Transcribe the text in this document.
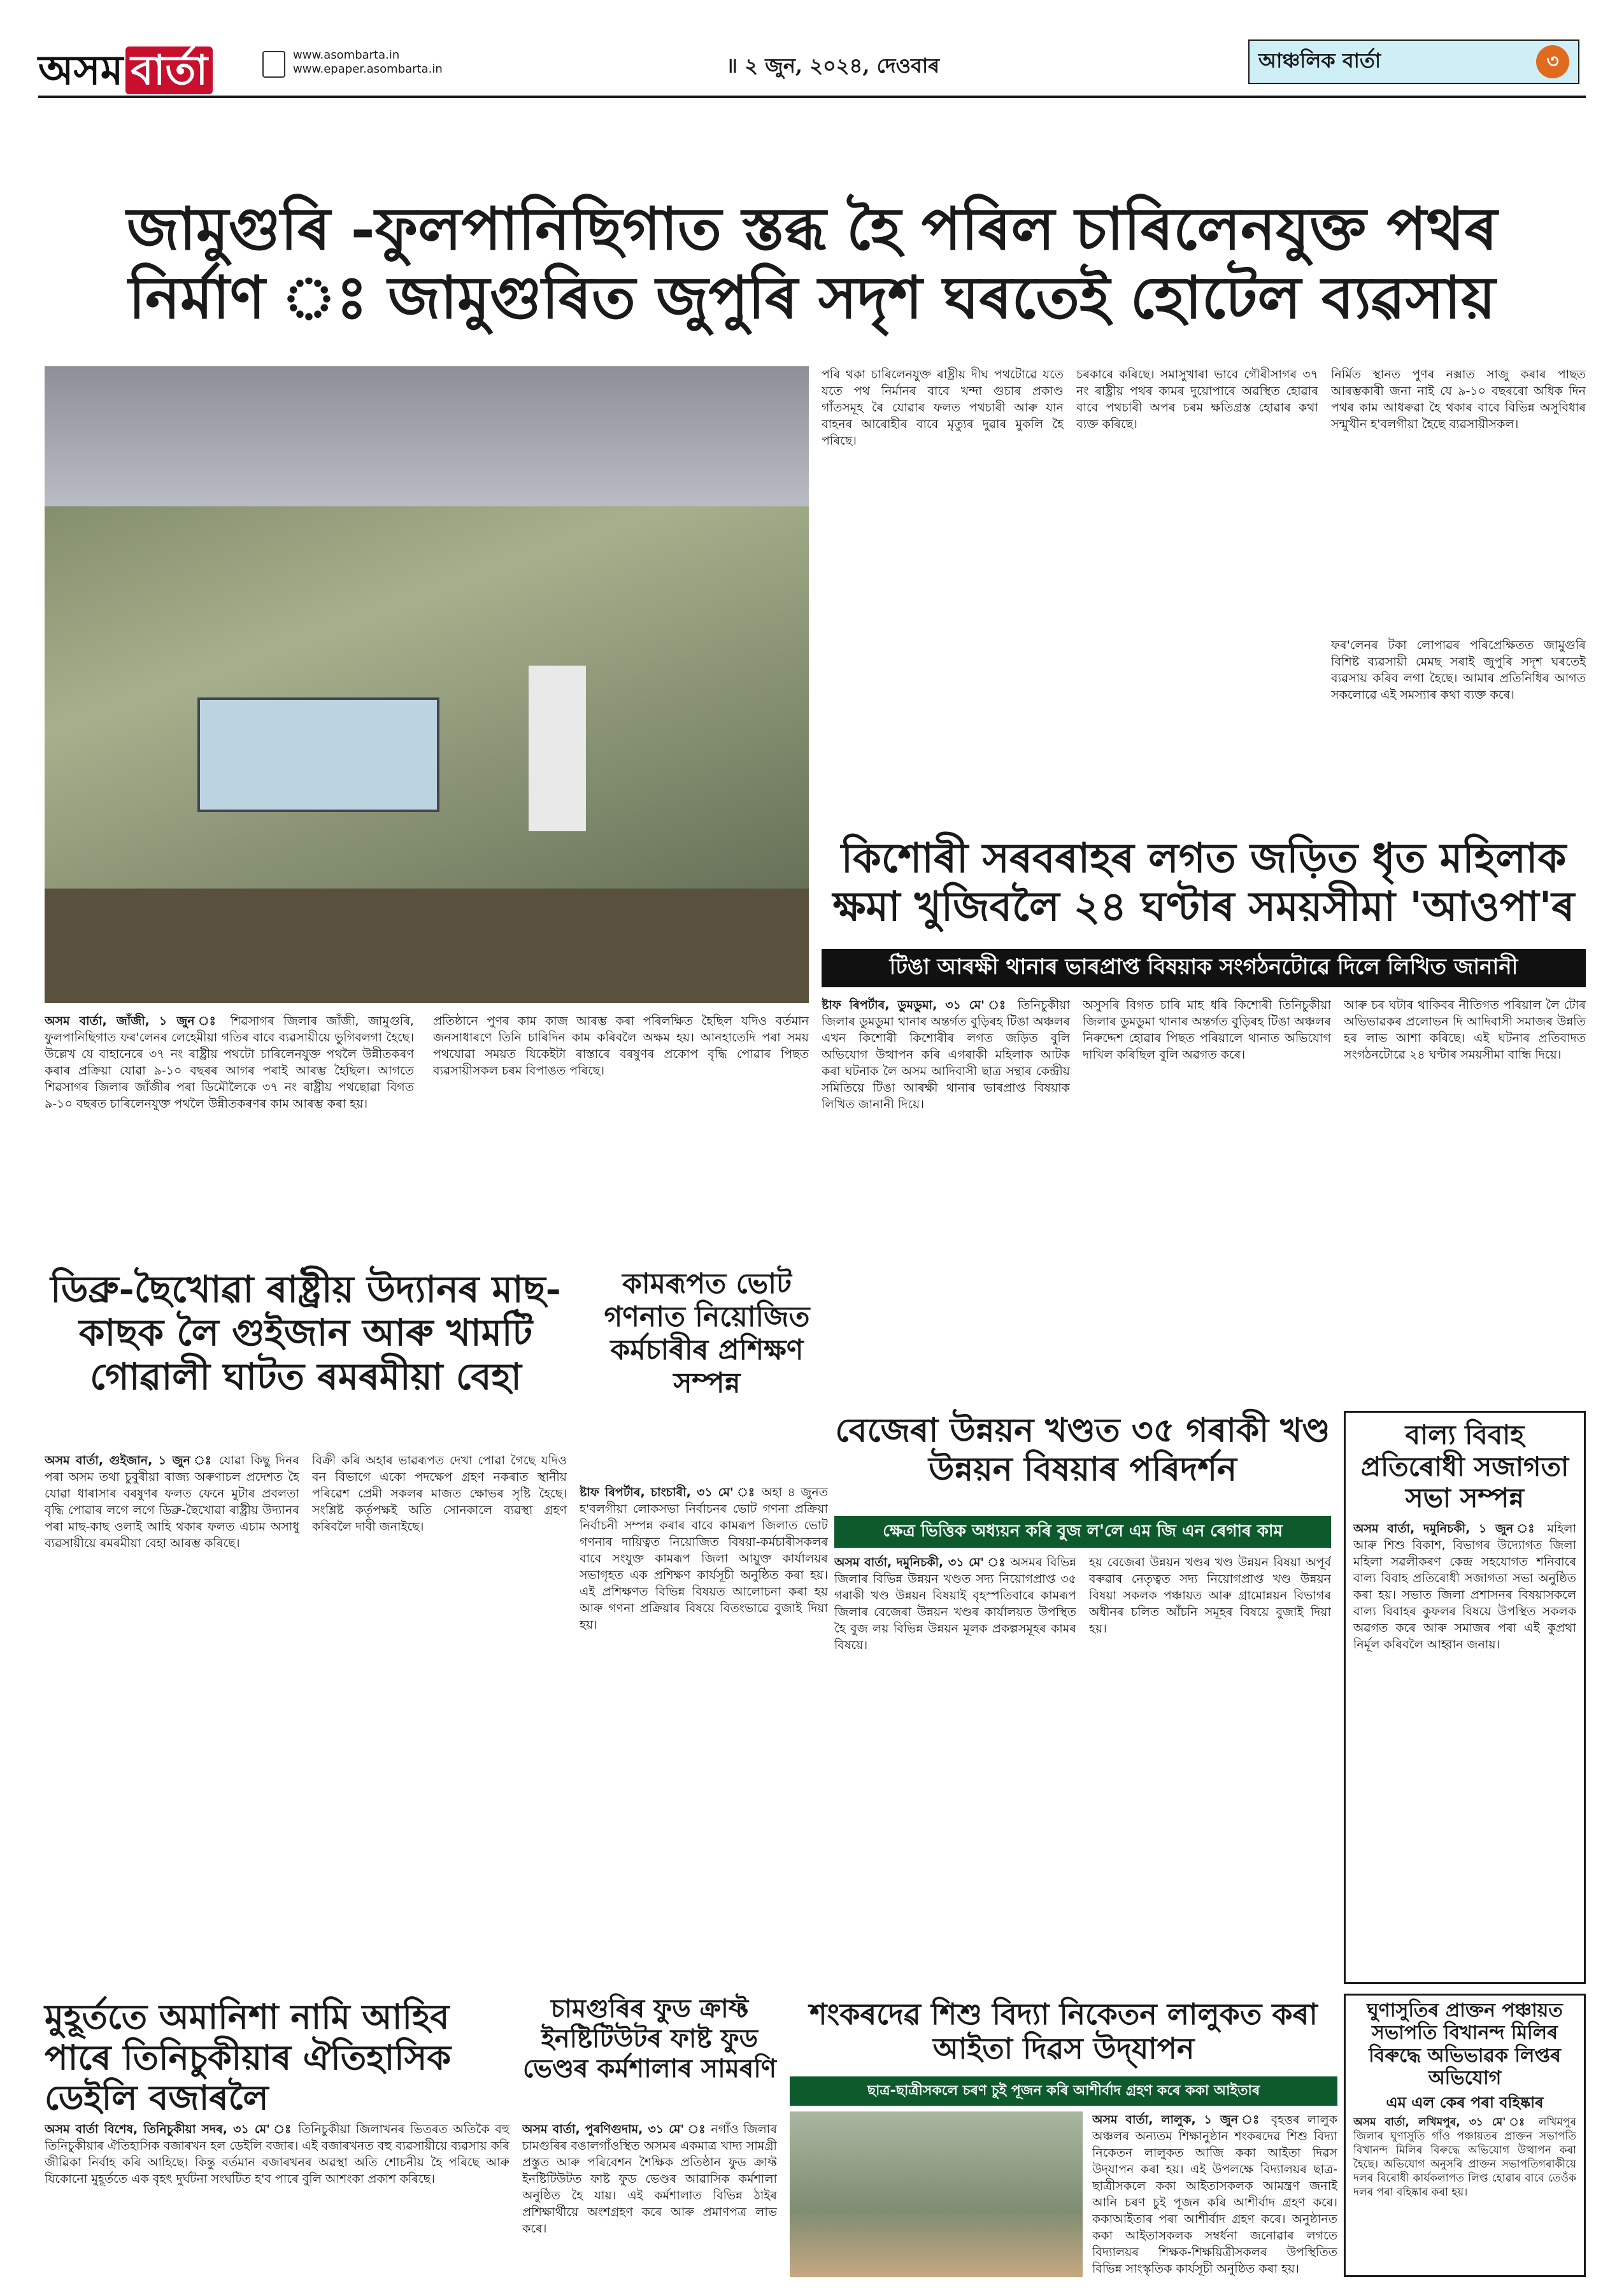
অসম বাৰ্তা	www.asombarta.in
www.epaper.asombarta.in	॥ ২ জুন, ২০২৪, দেওবাৰ	আঞ্চলিক বাৰ্তা	৩
জামুগুৰি -ফুলপানিছিগাত স্তব্ধ হৈ পৰিল চাৰিলেনযুক্ত পথৰ নিৰ্মাণ ঃ জামুগুৰিত জুপুৰি সদৃশ ঘৰতেই হোটেল ব্যৱসায়
পৰি থকা চাৰিলেনযুক্ত ৰাষ্ট্ৰীয় দীঘ পথটোৱে যতে যতে পথ নিৰ্মানৰ বাবে খন্দা গুচাৰ প্ৰকাণ্ড গাঁতসমূহ ৰৈ যোৱাৰ ফলত পথচাৰী আৰু যান বাহনৰ আৰোহীৰ বাবে মৃত্যুৰ দুৱাৰ মুকলি হৈ পৰিছে।
চৰকাৰে কৰিছে। সমাসুখাৰা ভাবে গৌৰীসাগৰ ৩৭ নং ৰাষ্ট্ৰীয় পথৰ কামৰ দুয়োপাৰে অৱস্থিত হোৱাৰ বাবে পথচাৰী অপৰ চৰম ক্ষতিগ্ৰস্ত হোৱাৰ কথা ব্যক্ত কৰিছে।
নিৰ্মিত স্থানত পুণৰ নক্সাত সাজু কৰাৰ পাছত আৰম্ভকাৰী জনা নাই যে ৯-১০ বছৰৰো অধিক দিন পথৰ কাম আধৰুৱা হৈ থকাৰ বাবে বিভিন্ন অসুবিধাৰ সন্মুখীন হ'বলগীয়া হৈছে ব্যৱসায়ীসকল।
ফৰ'লেনৰ টকা লোপাৱৰ পৰিপ্ৰেক্ষিতত জামুগুৰি বিশিষ্ট ব্যৱসায়ী মেমছ সৰাই জুপুৰি সদৃশ ঘৰতেই ব্যৱসায় কৰিব লগা হৈছে। আমাৰ প্ৰতিনিধিৰ আগত সকলোৱে এই সমস্যাৰ কথা ব্যক্ত কৰে।
অসম বাৰ্তা, জাঁজী, ১ জুন ঃ শিৱসাগৰ জিলাৰ জাঁজী, জামুগুৰি, ফুলপানিছিগাত ফৰ'লেনৰ লেহেমীয়া গতিৰ বাবে ব্যৱসায়ীয়ে ভুগিবলগা হৈছে। উল্লেখ যে বাহানেৰে ৩৭ নং ৰাষ্ট্ৰীয় পথটো চাৰিলেনযুক্ত পথলৈ উন্নীতকৰণ কৰাৰ প্ৰক্ৰিয়া যোৱা ৯-১০ বছৰৰ আগৰ পৰাই আৰম্ভ হৈছিল। আগতে শিৱসাগৰ জিলাৰ জাঁজীৰ পৰা ডিমৌলৈকে ৩৭ নং ৰাষ্ট্ৰীয় পথছোৱা বিগত ৯-১০ বছৰত চাৰিলেনযুক্ত পথলৈ উন্নীতকৰণৰ কাম আৰম্ভ কৰা হয়।
প্ৰতিষ্ঠানে পুণৰ কাম কাজ আৰম্ভ কৰা পৰিলক্ষিত হৈছিল যদিও বৰ্তমান জনসাধাৰণে তিনি চাৰিদিন কাম কৰিবলৈ অক্ষম হয়। আনহাতেদি পৰা সময় পথযোৱা সময়ত যিকেইটা ৰাস্তাৰে বৰষুণৰ প্ৰকোপ বৃদ্ধি পোৱাৰ পিছত ব্যৱসায়ীসকল চৰম বিপাঙত পৰিছে।
কিশোৰী সৰবৰাহৰ লগত জড়িত ধৃত মহিলাক ক্ষমা খুজিবলৈ ২৪ ঘণ্টাৰ সময়সীমা 'আওপা'ৰ
টিঙা আৰক্ষী থানাৰ ভাৰপ্ৰাপ্ত বিষয়াক সংগঠনটোৱে দিলে লিখিত জানানী
ষ্টাফ ৰিপৰ্টাৰ, ডুমডুমা, ৩১ মে' ঃ তিনিচুকীয়া জিলাৰ ডুমডুমা থানাৰ অন্তৰ্গত বুড়িৰহ টিঙা অঞ্চলৰ এখন কিশোৰী কিশোৰীৰ লগত জড়িত বুলি অভিযোগ উত্থাপন কৰি এগৰাকী মহিলাক আটক কৰা ঘটনাক লৈ অসম আদিবাসী ছাত্ৰ সন্থাৰ কেন্দ্ৰীয় সমিতিয়ে টিঙা আৰক্ষী থানাৰ ভাৰপ্ৰাপ্ত বিষয়াক লিখিত জানানী দিয়ে।
অসুসৰি বিগত চাৰি মাহ ধৰি কিশোৰী তিনিচুকীয়া জিলাৰ ডুমডুমা থানাৰ অন্তৰ্গত বুড়িৰহ টিঙা অঞ্চলৰ নিৰুদ্দেশ হোৱাৰ পিছত পৰিয়ালে থানাত অভিযোগ দাখিল কৰিছিল বুলি অৱগত কৰে।
আৰু চৰ ঘটাৰ থাকিবৰ নীতিগত পৰিয়াল লৈ টোৰ অভিভাৱকৰ প্ৰলোভন দি আদিবাসী সমাজৰ উন্নতি হৰ লাভ আশা কৰিছে। এই ঘটনাৰ প্ৰতিবাদত সংগঠনটোৱে ২৪ ঘণ্টাৰ সময়সীমা বান্ধি দিয়ে।
ডিব্ৰু-ছৈখোৱা ৰাষ্ট্ৰীয় উদ্যানৰ মাছ-কাছক লৈ গুইজান আৰু খামটি গোৱালী ঘাটত ৰমৰমীয়া বেহা
অসম বাৰ্তা, গুইজান, ১ জুন ঃ যোৱা কিছু দিনৰ পৰা অসম তথা চুবুৰীয়া ৰাজ্য অৰুণাচল প্ৰদেশত হৈ যোৱা ধাৰাসাৰ বৰষুণৰ ফলত ফেনে মুটাৰ প্ৰবলতা বৃদ্ধি পোৱাৰ লগে লগে ডিব্ৰু-ছৈখোৱা ৰাষ্ট্ৰীয় উদ্যানৰ পৰা মাছ-কাছ ওলাই আহি থকাৰ ফলত এচাম অসাধু ব্যৱসায়ীয়ে ৰমৰমীয়া বেহা আৰম্ভ কৰিছে।
বিক্ৰী কৰি অহাৰ ভাৱৰূপত দেখা পোৱা গৈছে যদিও বন বিভাগে একো পদক্ষেপ গ্ৰহণ নকৰাত স্থানীয় পৰিৱেশ প্ৰেমী সকলৰ মাজত ক্ষোভৰ সৃষ্টি হৈছে। সংশ্লিষ্ট কৰ্তৃপক্ষই অতি সোনকালে ব্যৱস্থা গ্ৰহণ কৰিবলৈ দাবী জনাইছে।
কামৰূপত ভোট গণনাত নিয়োজিত কৰ্মচাৰীৰ প্ৰশিক্ষণ সম্পন্ন
ষ্টাফ ৰিপৰ্টাৰ, চাংচাৰী, ৩১ মে' ঃ অহা ৪ জুনত হ'বলগীয়া লোকসভা নিৰ্বাচনৰ ভোট গণনা প্ৰক্ৰিয়া নিৰ্বাচনী সম্পন্ন কৰাৰ বাবে কামৰূপ জিলাত ভোট গণনাৰ দায়িত্বত নিয়োজিত বিষয়া-কৰ্মচাৰীসকলৰ বাবে সংযুক্ত কামৰূপ জিলা আয়ুক্ত কাৰ্যালয়ৰ সভাগৃহত এক প্ৰশিক্ষণ কাৰ্যসূচী অনুষ্ঠিত কৰা হয়। এই প্ৰশিক্ষণত বিভিন্ন বিষয়ত আলোচনা কৰা হয় আৰু গণনা প্ৰক্ৰিয়াৰ বিষয়ে বিতংভাৱে বুজাই দিয়া হয়।
বেজেৰা উন্নয়ন খণ্ডত ৩৫ গৰাকী খণ্ড উন্নয়ন বিষয়াৰ পৰিদৰ্শন
ক্ষেত্ৰ ভিত্তিক অধ্যয়ন কৰি বুজ ল'লে এম জি এন ৰেগাৰ কাম
অসম বাৰ্তা, দমুনিচকী, ৩১ মে' ঃ অসমৰ বিভিন্ন জিলাৰ বিভিন্ন উন্নয়ন খণ্ডত সদ্য নিয়োগপ্ৰাপ্ত ৩৫ গৰাকী খণ্ড উন্নয়ন বিষয়াই বৃহস্পতিবাৰে কামৰূপ জিলাৰ বেজেৰা উন্নয়ন খণ্ডৰ কাৰ্যালয়ত উপস্থিত হৈ বুজ লয় বিভিন্ন উন্নয়ন মূলক প্ৰকল্পসমূহৰ কামৰ বিষয়ে।
হয় বেজেৰা উন্নয়ন খণ্ডৰ খণ্ড উন্নয়ন বিষয়া অপূৰ্ব বৰুৱাৰ নেতৃত্বত সদ্য নিয়োগপ্ৰাপ্ত খণ্ড উন্নয়ন বিষয়া সকলক পঞ্চায়ত আৰু গ্ৰামোন্নয়ন বিভাগৰ অধীনৰ চলিত আঁচনি সমূহৰ বিষয়ে বুজাই দিয়া হয়।
বাল্য বিবাহ প্ৰতিৰোধী সজাগতা সভা সম্পন্ন
অসম বাৰ্তা, দমুনিচকী, ১ জুন ঃ মহিলা আৰু শিশু বিকাশ, বিভাগৰ উদ্যোগত জিলা মহিলা সৱলীকৰণ কেন্দ্ৰ সহযোগত শনিবাৰে বাল্য বিবাহ প্ৰতিৰোধী সজাগতা সভা অনুষ্ঠিত কৰা হয়। সভাত জিলা প্ৰশাসনৰ বিষয়াসকলে বাল্য বিবাহৰ কুফলৰ বিষয়ে উপস্থিত সকলক অৱগত কৰে আৰু সমাজৰ পৰা এই কুপ্ৰথা নিৰ্মূল কৰিবলৈ আহ্বান জনায়।
মুহূৰ্ততে অমানিশা নামি আহিব পাৰে তিনিচুকীয়াৰ ঐতিহাসিক ডেইলি বজাৰলৈ
অসম বাৰ্তা বিশেষ, তিনিচুকীয়া সদৰ, ৩১ মে' ঃ তিনিচুকীয়া জিলাখনৰ ভিতৰত অতিকৈ বহু তিনিচুকীয়াৰ ঐতিহাসিক বজাৰখন হল ডেইলি বজাৰ। এই বজাৰখনত বহু ব্যৱসায়ীয়ে ব্যৱসায় কৰি জীৱিকা নিৰ্বাহ কৰি আহিছে। কিন্তু বৰ্তমান বজাৰখনৰ অৱস্থা অতি শোচনীয় হৈ পৰিছে আৰু যিকোনো মুহূৰ্ততে এক বৃহৎ দুৰ্ঘটনা সংঘটিত হ'ব পাৰে বুলি আশংকা প্ৰকাশ কৰিছে।
চামগুৰিৰ ফুড ক্ৰাফ্ট ইনষ্টিটিউটৰ ফাষ্ট ফুড ভেণ্ডৰ কৰ্মশালাৰ সামৰণি
অসম বাৰ্তা, পুৰণিগুদাম, ৩১ মে' ঃ নগাঁও জিলাৰ চামগুৰিৰ বঙালগাঁওস্থিত অসমৰ একমাত্ৰ খাদ্য সামগ্ৰী প্ৰস্তুত আৰু পৰিবেশন শৈক্ষিক প্ৰতিষ্ঠান ফুড ক্ৰাফ্ট ইনষ্টিটিউটত ফাষ্ট ফুড ভেণ্ডৰ আৱাসিক কৰ্মশালা অনুষ্ঠিত হৈ যায়। এই কৰ্মশালাত বিভিন্ন ঠাইৰ প্ৰশিক্ষাৰ্থীয়ে অংশগ্ৰহণ কৰে আৰু প্ৰমাণপত্ৰ লাভ কৰে।
শংকৰদেৱ শিশু বিদ্যা নিকেতন লালুকত কৰা আইতা দিৱস উদ্‌যাপন
ছাত্ৰ-ছাত্ৰীসকলে চৰণ চুই পূজন কৰি আশীৰ্বাদ গ্ৰহণ কৰে ককা আইতাৰ
অসম বাৰ্তা, লালুক, ১ জুন ঃ বৃহত্তৰ লালুক অঞ্চলৰ অন্যতম শিক্ষানুষ্ঠান শংকৰদেৱ শিশু বিদ্যা নিকেতন লালুকত আজি ককা আইতা দিৱস উদ্‌যাপন কৰা হয়। এই উপলক্ষে বিদ্যালয়ৰ ছাত্ৰ-ছাত্ৰীসকলে ককা আইতাসকলক আমন্ত্ৰণ জনাই আনি চৰণ চুই পূজন কৰি আশীৰ্বাদ গ্ৰহণ কৰে। ককাআইতাৰ পৰা আশীৰ্বাদ গ্ৰহণ কৰে। অনুষ্ঠানত ককা আইতাসকলক সম্বৰ্ধনা জনোৱাৰ লগতে বিদ্যালয়ৰ শিক্ষক-শিক্ষয়িত্ৰীসকলৰ উপস্থিতিত বিভিন্ন সাংস্কৃতিক কাৰ্যসূচী অনুষ্ঠিত কৰা হয়।
ঘুণাসুতিৰ প্ৰাক্তন পঞ্চায়ত সভাপতি বিখানন্দ মিলিৰ বিৰুদ্ধে অভিভাৱক লিপ্তৰ অভিযোগ
এম এল কেৰ পৰা বহিষ্কাৰ
অসম বাৰ্তা, লখিমপুৰ, ৩১ মে' ঃ লখিমপুৰ জিলাৰ ঘুণাসুতি গাঁও পঞ্চায়তৰ প্ৰাক্তন সভাপতি বিখানন্দ মিলিৰ বিৰুদ্ধে অভিযোগ উত্থাপন কৰা হৈছে। অভিযোগ অনুসৰি প্ৰাক্তন সভাপতিগৰাকীয়ে দলৰ বিৰোধী কাৰ্যকলাপত লিপ্ত হোৱাৰ বাবে তেওঁক দলৰ পৰা বহিষ্কাৰ কৰা হয়।
